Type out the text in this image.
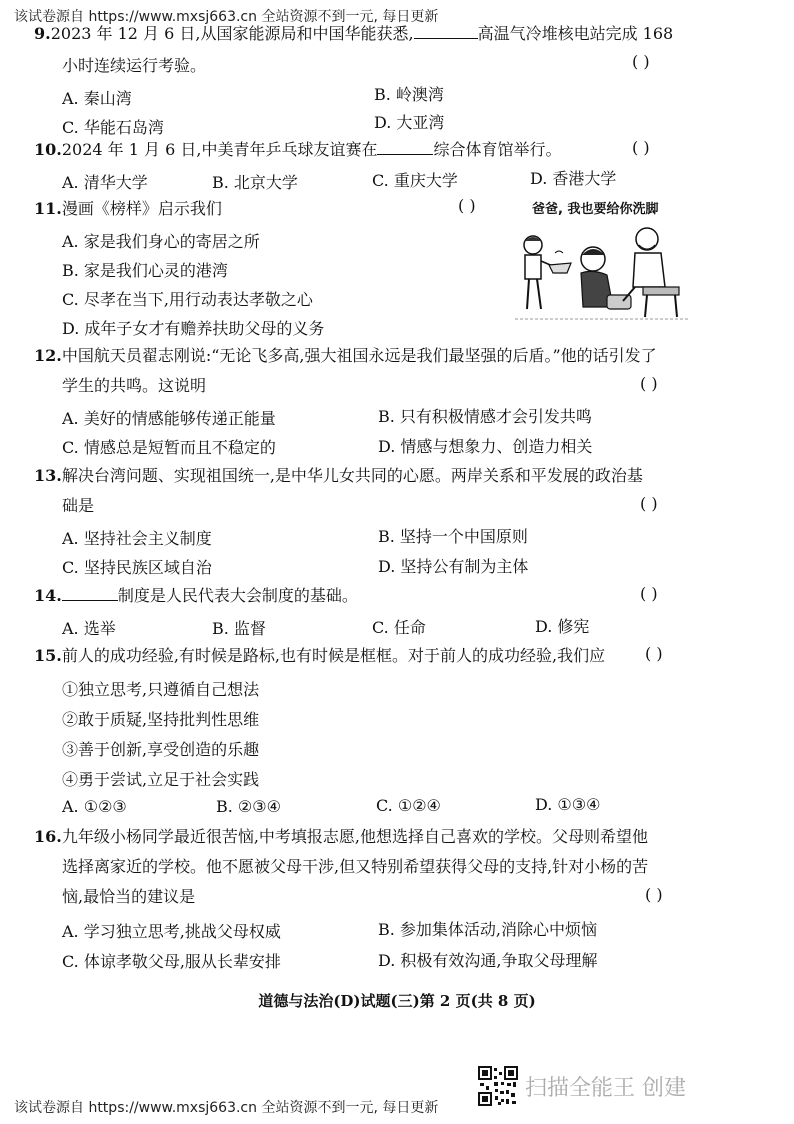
该试卷源自 https://www.mxsj663.cn 全站资源不到一元, 每日更新
9.2023 年 12 月 6 日,从国家能源局和中国华能获悉,	高温气冷堆核电站完成 168
小时连续运行考验。	( )
A. 秦山湾	B. 岭澳湾
C. 华能石岛湾	D. 大亚湾
10.2024 年 1 月 6 日,中美青年乒乓球友谊赛在	综合体育馆举行。	( )
A. 清华大学	B. 北京大学	C. 重庆大学	D. 香港大学
11.漫画《榜样》启示我们	( )
A. 家是我们身心的寄居之所
B. 家是我们心灵的港湾
C. 尽孝在当下,用行动表达孝敬之心
D. 成年子女才有赡养扶助父母的义务
爸爸, 我也要给你洗脚
12.中国航天员翟志刚说:“无论飞多高,强大祖国永远是我们最坚强的后盾。”他的话引发了
学生的共鸣。这说明	( )
A. 美好的情感能够传递正能量	B. 只有积极情感才会引发共鸣
C. 情感总是短暂而且不稳定的	D. 情感与想象力、创造力相关
13.解决台湾问题、实现祖国统一,是中华儿女共同的心愿。两岸关系和平发展的政治基
础是	( )
A. 坚持社会主义制度	B. 坚持一个中国原则
C. 坚持民族区域自治	D. 坚持公有制为主体
14.	制度是人民代表大会制度的基础。	( )
A. 选举	B. 监督	C. 任命	D. 修宪
15.前人的成功经验,有时候是路标,也有时候是框框。对于前人的成功经验,我们应 ( )
①独立思考,只遵循自己想法
②敢于质疑,坚持批判性思维
③善于创新,享受创造的乐趣
④勇于尝试,立足于社会实践
A. ①②③	B. ②③④	C. ①②④	D. ①③④
16.九年级小杨同学最近很苦恼,中考填报志愿,他想选择自己喜欢的学校。父母则希望他
选择离家近的学校。他不愿被父母干涉,但又特别希望获得父母的支持,针对小杨的苦
恼,最恰当的建议是	( )
A. 学习独立思考,挑战父母权威	B. 参加集体活动,消除心中烦恼
C. 体谅孝敬父母,服从长辈安排	D. 积极有效沟通,争取父母理解
道德与法治(D)试题(三)第 2 页(共 8 页)
扫描全能王 创建
该试卷源自 https://www.mxsj663.cn 全站资源不到一元, 每日更新
